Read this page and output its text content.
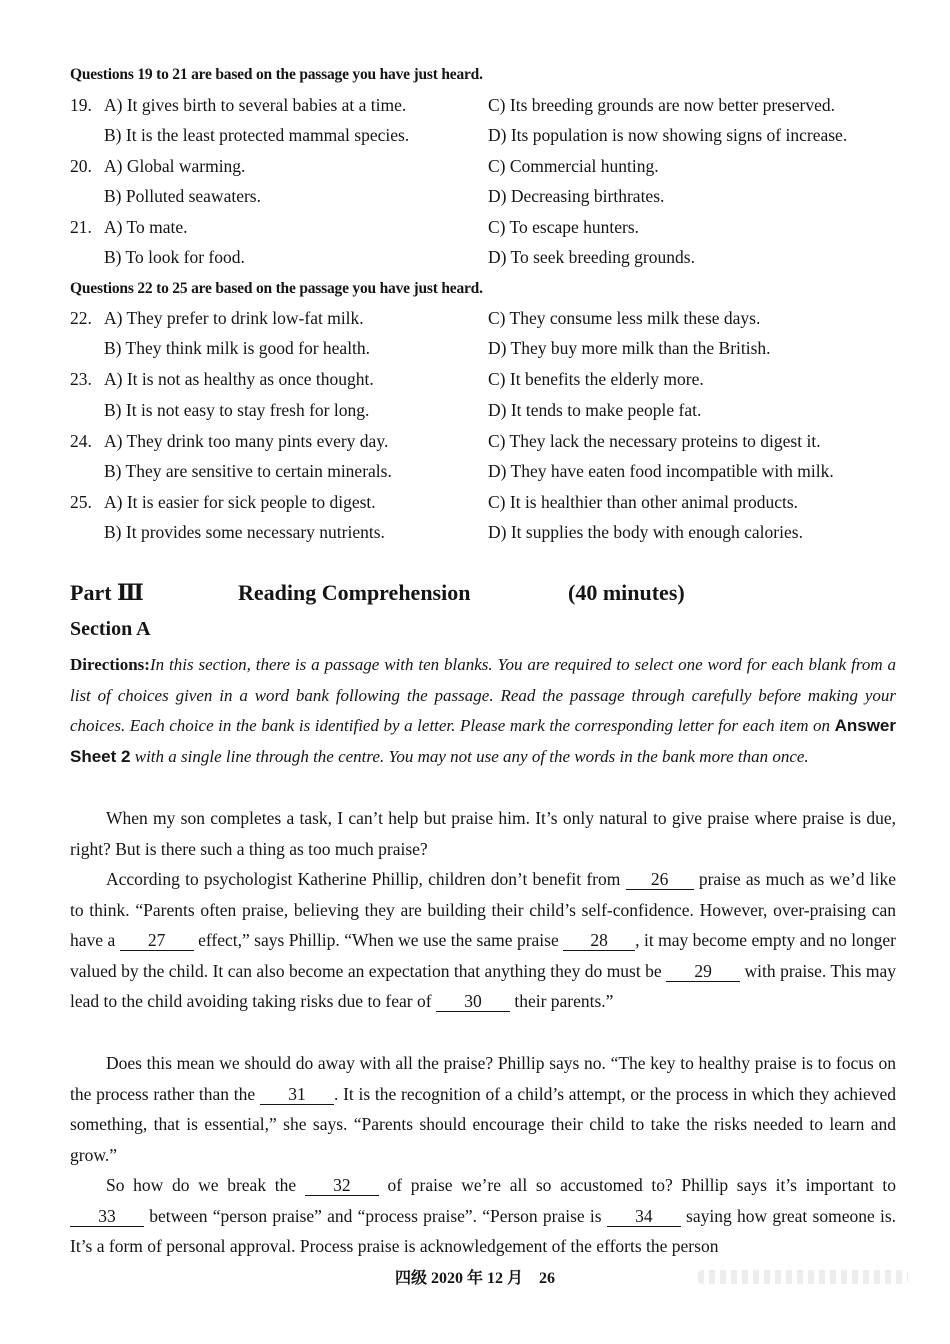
Questions 19 to 21 are based on the passage you have just heard.
19. A) It gives birth to several babies at a time.	C) Its breeding grounds are now better preserved.
B) It is the least protected mammal species.	D) Its population is now showing signs of increase.
20. A) Global warming.	C) Commercial hunting.
B) Polluted seawaters.	D) Decreasing birthrates.
21. A) To mate.	C) To escape hunters.
B) To look for food.	D) To seek breeding grounds.
Questions 22 to 25 are based on the passage you have just heard.
22. A) They prefer to drink low-fat milk.	C) They consume less milk these days.
B) They think milk is good for health.	D) They buy more milk than the British.
23. A) It is not as healthy as once thought.	C) It benefits the elderly more.
B) It is not easy to stay fresh for long.	D) It tends to make people fat.
24. A) They drink too many pints every day.	C) They lack the necessary proteins to digest it.
B) They are sensitive to certain minerals.	D) They have eaten food incompatible with milk.
25. A) It is easier for sick people to digest.	C) It is healthier than other animal products.
B) It provides some necessary nutrients.	D) It supplies the body with enough calories.
Part Ⅲ	Reading Comprehension	(40 minutes)
Section A
Directions:In this section, there is a passage with ten blanks. You are required to select one word for each blank from a list of choices given in a word bank following the passage. Read the passage through carefully before making your choices. Each choice in the bank is identified by a letter. Please mark the corresponding letter for each item on Answer Sheet 2 with a single line through the centre. You may not use any of the words in the bank more than once.

When my son completes a task, I can’t help but praise him. It’s only natural to give praise where praise is due, right? But is there such a thing as too much praise?

According to psychologist Katherine Phillip, children don’t benefit from 26 praise as much as we’d like to think. “Parents often praise, believing they are building their child’s self-confidence. However, over-praising can have a 27 effect,” says Phillip. “When we use the same praise 28 , it may become empty and no longer valued by the child. It can also become an expectation that anything they do must be 29 with praise. This may lead to the child avoiding taking risks due to fear of 30 their parents.”

Does this mean we should do away with all the praise? Phillip says no. “The key to healthy praise is to focus on the process rather than the 31 . It is the recognition of a child’s attempt, or the process in which they achieved something, that is essential,” she says. “Parents should encourage their child to take the risks needed to learn and grow.”

So how do we break the 32 of praise we’re all so accustomed to? Phillip says it’s important to 33 between “person praise” and “process praise”. “Person praise is 34 saying how great someone is. It’s a form of personal approval. Process praise is acknowledgement of the efforts the person

四级 2020 年 12 月 26
